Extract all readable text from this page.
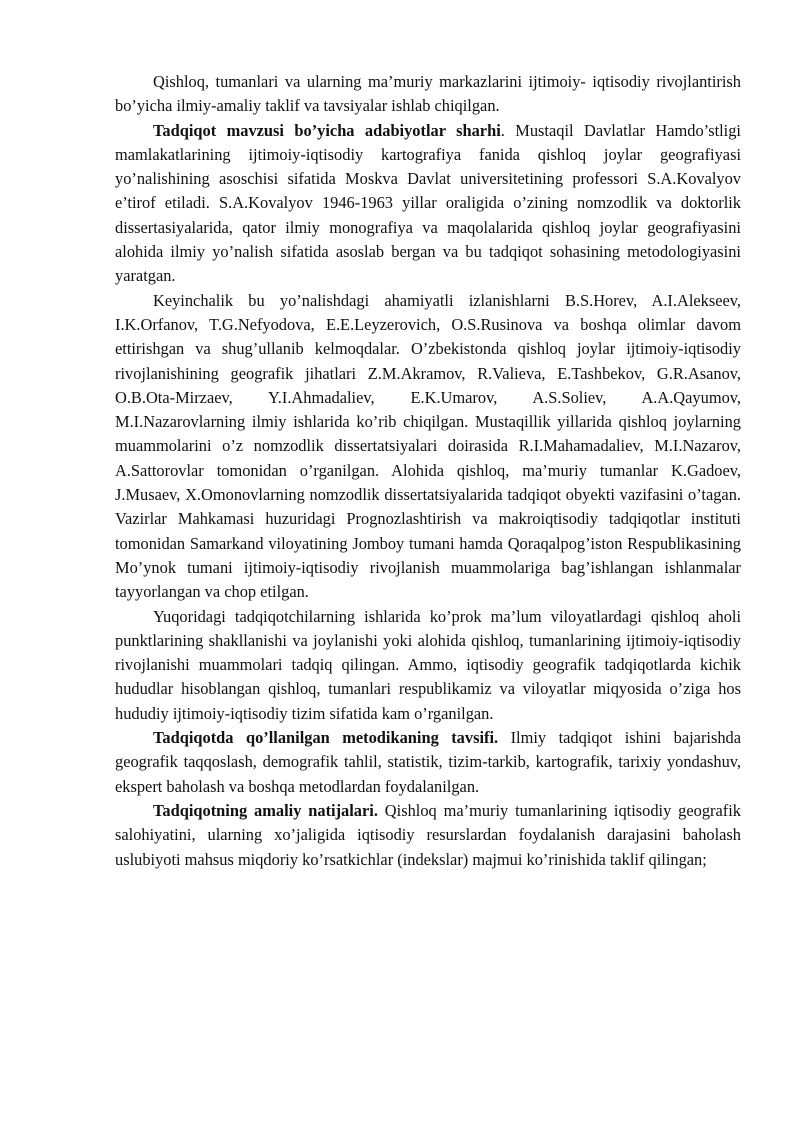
Qishloq, tumanlari va ularning ma’muriy markazlarini ijtimoiy- iqtisodiy rivojlantirish bo’yicha ilmiy-amaliy taklif va tavsiyalar ishlab chiqilgan.

Tadqiqot mavzusi bo’yicha adabiyotlar sharhi. Mustaqil Davlatlar Hamdo’stligi mamlakatlarining ijtimoiy-iqtisodiy kartografiya fanida qishloq joylar geografiyasi yo’nalishining asoschisi sifatida Moskva Davlat universitetining professori S.A.Kovalyov e’tirof etiladi. S.A.Kovalyov 1946-1963 yillar oraligida o’zining nomzodlik va doktorlik dissertasiyalarida, qator ilmiy monografiya va maqolalarida qishloq joylar geografiyasini alohida ilmiy yo’nalish sifatida asoslab bergan va bu tadqiqot sohasining metodologiyasini yaratgan.

Keyinchalik bu yo’nalishdagi ahamiyatli izlanishlarni B.S.Horev, A.I.Alekseev, I.K.Orfanov, T.G.Nefyodova, E.E.Leyzerovich, O.S.Rusinova va boshqa olimlar davom ettirishgan va shug’ullanib kelmoqdalar. O’zbekistonda qishloq joylar ijtimoiy-iqtisodiy rivojlanishining geografik jihatlari Z.M.Akramov, R.Valieva, E.Tashbekov, G.R.Asanov, O.B.Ota-Mirzaev, Y.I.Ahmadaliev, E.K.Umarov, A.S.Soliev, A.A.Qayumov, M.I.Nazarovlarning ilmiy ishlarida ko’rib chiqilgan. Mustaqillik yillarida qishloq joylarning muammolarini o’z nomzodlik dissertatsiyalari doirasida R.I.Mahamadaliev, M.I.Nazarov, A.Sattorovlar tomonidan o’rganilgan. Alohida qishloq, ma’muriy tumanlar K.Gadoev, J.Musaev, X.Omonovlarning nomzodlik dissertatsiyalarida tadqiqot obyekti vazifasini o’tagan. Vazirlar Mahkamasi huzuridagi Prognozlashtirish va makroiqtisodiy tadqiqotlar instituti tomonidan Samarkand viloyatining Jomboy tumani hamda Qoraqalpog’iston Respublikasining Mo’ynok tumani ijtimoiy-iqtisodiy rivojlanish muammolariga bag’ishlangan ishlanmalar tayyorlangan va chop etilgan.

Yuqoridagi tadqiqotchilarning ishlarida ko’prok ma’lum viloyatlardagi qishloq aholi punktlarining shakllanishi va joylanishi yoki alohida qishloq, tumanlarining ijtimoiy-iqtisodiy rivojlanishi muammolari tadqiq qilingan. Ammo, iqtisodiy geografik tadqiqotlarda kichik hududlar hisoblangan qishloq, tumanlari respublikamiz va viloyatlar miqyosida o’ziga hos hududiy ijtimoiy-iqtisodiy tizim sifatida kam o’rganilgan.

Tadqiqotda qo’llanilgan metodikaning tavsifi. Ilmiy tadqiqot ishini bajarishda geografik taqqoslash, demografik tahlil, statistik, tizim-tarkib, kartografik, tarixiy yondashuv, ekspert baholash va boshqa metodlardan foydalanilgan.

Tadqiqotning amaliy natijalari. Qishloq ma’muriy tumanlarining iqtisodiy geografik salohiyatini, ularning xo’jaligida iqtisodiy resurslardan foydalanish darajasini baholash uslubiyoti mahsus miqdoriy ko’rsatkichlar (indekslar) majmui ko’rinishida taklif qilingan;
